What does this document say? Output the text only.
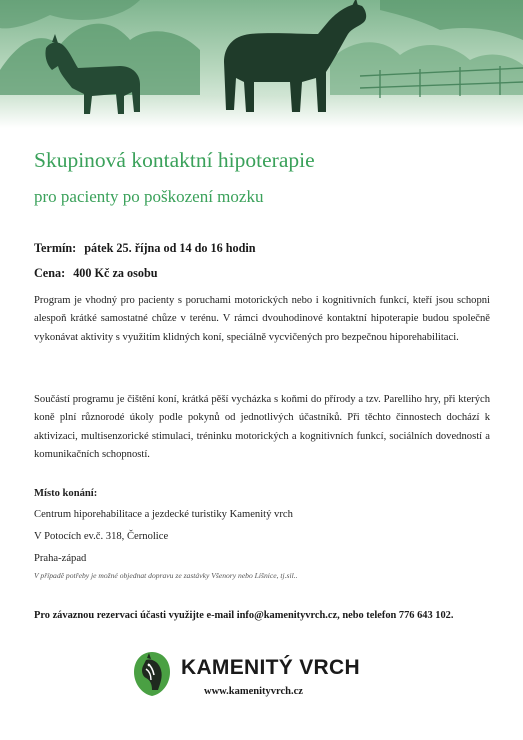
Skupinová kontaktní hipoterapie
pro pacienty po poškození mozku
Termín: pátek 25. října od 14 do 16 hodin
Cena: 400 Kč za osobu
Program je vhodný pro pacienty s poruchami motorických nebo i kognitivních funkcí, kteří jsou schopni alespoň krátké samostatné chůze v terénu. V rámci dvouhodinové kontaktní hipoterapie budou společně vykonávat aktivity s využitím klidných koní, speciálně vycvičených pro bezpečnou hiporehabilitaci.
Součástí programu je čištění koní, krátká pěší vycházka s koňmi do přírody a tzv. Parelliho hry, při kterých koně plní různorodé úkoly podle pokynů od jednotlivých účastníků. Při těchto činnostech dochází k aktivizaci, multisenzorické stimulaci, tréninku motorických a kognitivních funkcí, sociálních dovedností a komunikačních schopností.
Místo konání:
Centrum hiporehabilitace a jezdecké turistiky Kamenitý vrch
V Potocích ev.č. 318, Černolice
Praha-západ
V případě potřeby je možné objednat dopravu ze zastávky Všenory nebo Líšnice, tj.sil..
Pro závaznou rezervaci účasti využijte e-mail info@kamenityvrch.cz, nebo telefon 776 643 102.
KAMENITÝ VRCH
www.kamenityvrch.cz
